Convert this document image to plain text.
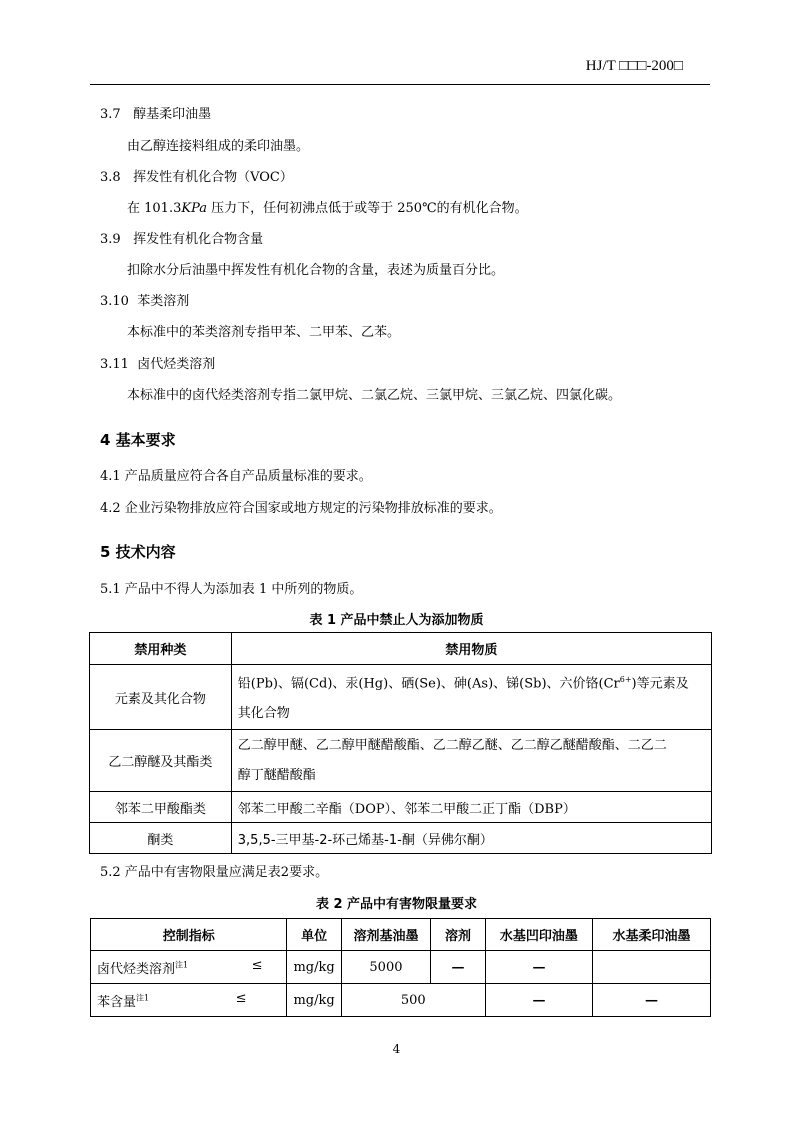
HJ/T □□□-200□
3.7 醇基柔印油墨
由乙醇连接料组成的柔印油墨。
3.8 挥发性有机化合物（VOC）
在 101.3KPa 压力下，任何初沸点低于或等于 250℃的有机化合物。
3.9 挥发性有机化合物含量
扣除水分后油墨中挥发性有机化合物的含量，表述为质量百分比。
3.10 苯类溶剂
本标准中的苯类溶剂专指甲苯、二甲苯、乙苯。
3.11 卤代烃类溶剂
本标准中的卤代烃类溶剂专指二氯甲烷、二氯乙烷、三氯甲烷、三氯乙烷、四氯化碳。
4 基本要求
4.1 产品质量应符合各自产品质量标准的要求。
4.2 企业污染物排放应符合国家或地方规定的污染物排放标准的要求。
5 技术内容
5.1 产品中不得人为添加表 1 中所列的物质。
表 1 产品中禁止人为添加物质
禁用种类	禁用物质
元素及其化合物	铅(Pb)、镉(Cd)、汞(Hg)、硒(Se)、砷(As)、锑(Sb)、六价铬$(Cr^{6+})$等元素及
其化合物
乙二醇醚及其酯类	乙二醇甲醚、乙二醇甲醚醋酸酯、乙二醇乙醚、乙二醇乙醚醋酸酯、二乙二
醇丁醚醋酸酯
邻苯二甲酸酯类	邻苯二甲酸二辛酯（DOP）、邻苯二甲酸二正丁酯（DBP）
酮类	3,5,5-三甲基-2-环己烯基-1-酮（异佛尔酮）
5.2 产品中有害物限量应满足表2要求。
表 2 产品中有害物限量要求
控制指标	单位	溶剂基油墨	溶剂	水基凹印油墨	水基柔印油墨
卤代烃类溶剂$^{注1}$ ≤	mg/kg	5000	—	—	
苯含量$^{注1}$ ≤	mg/kg	500		—	—
4
